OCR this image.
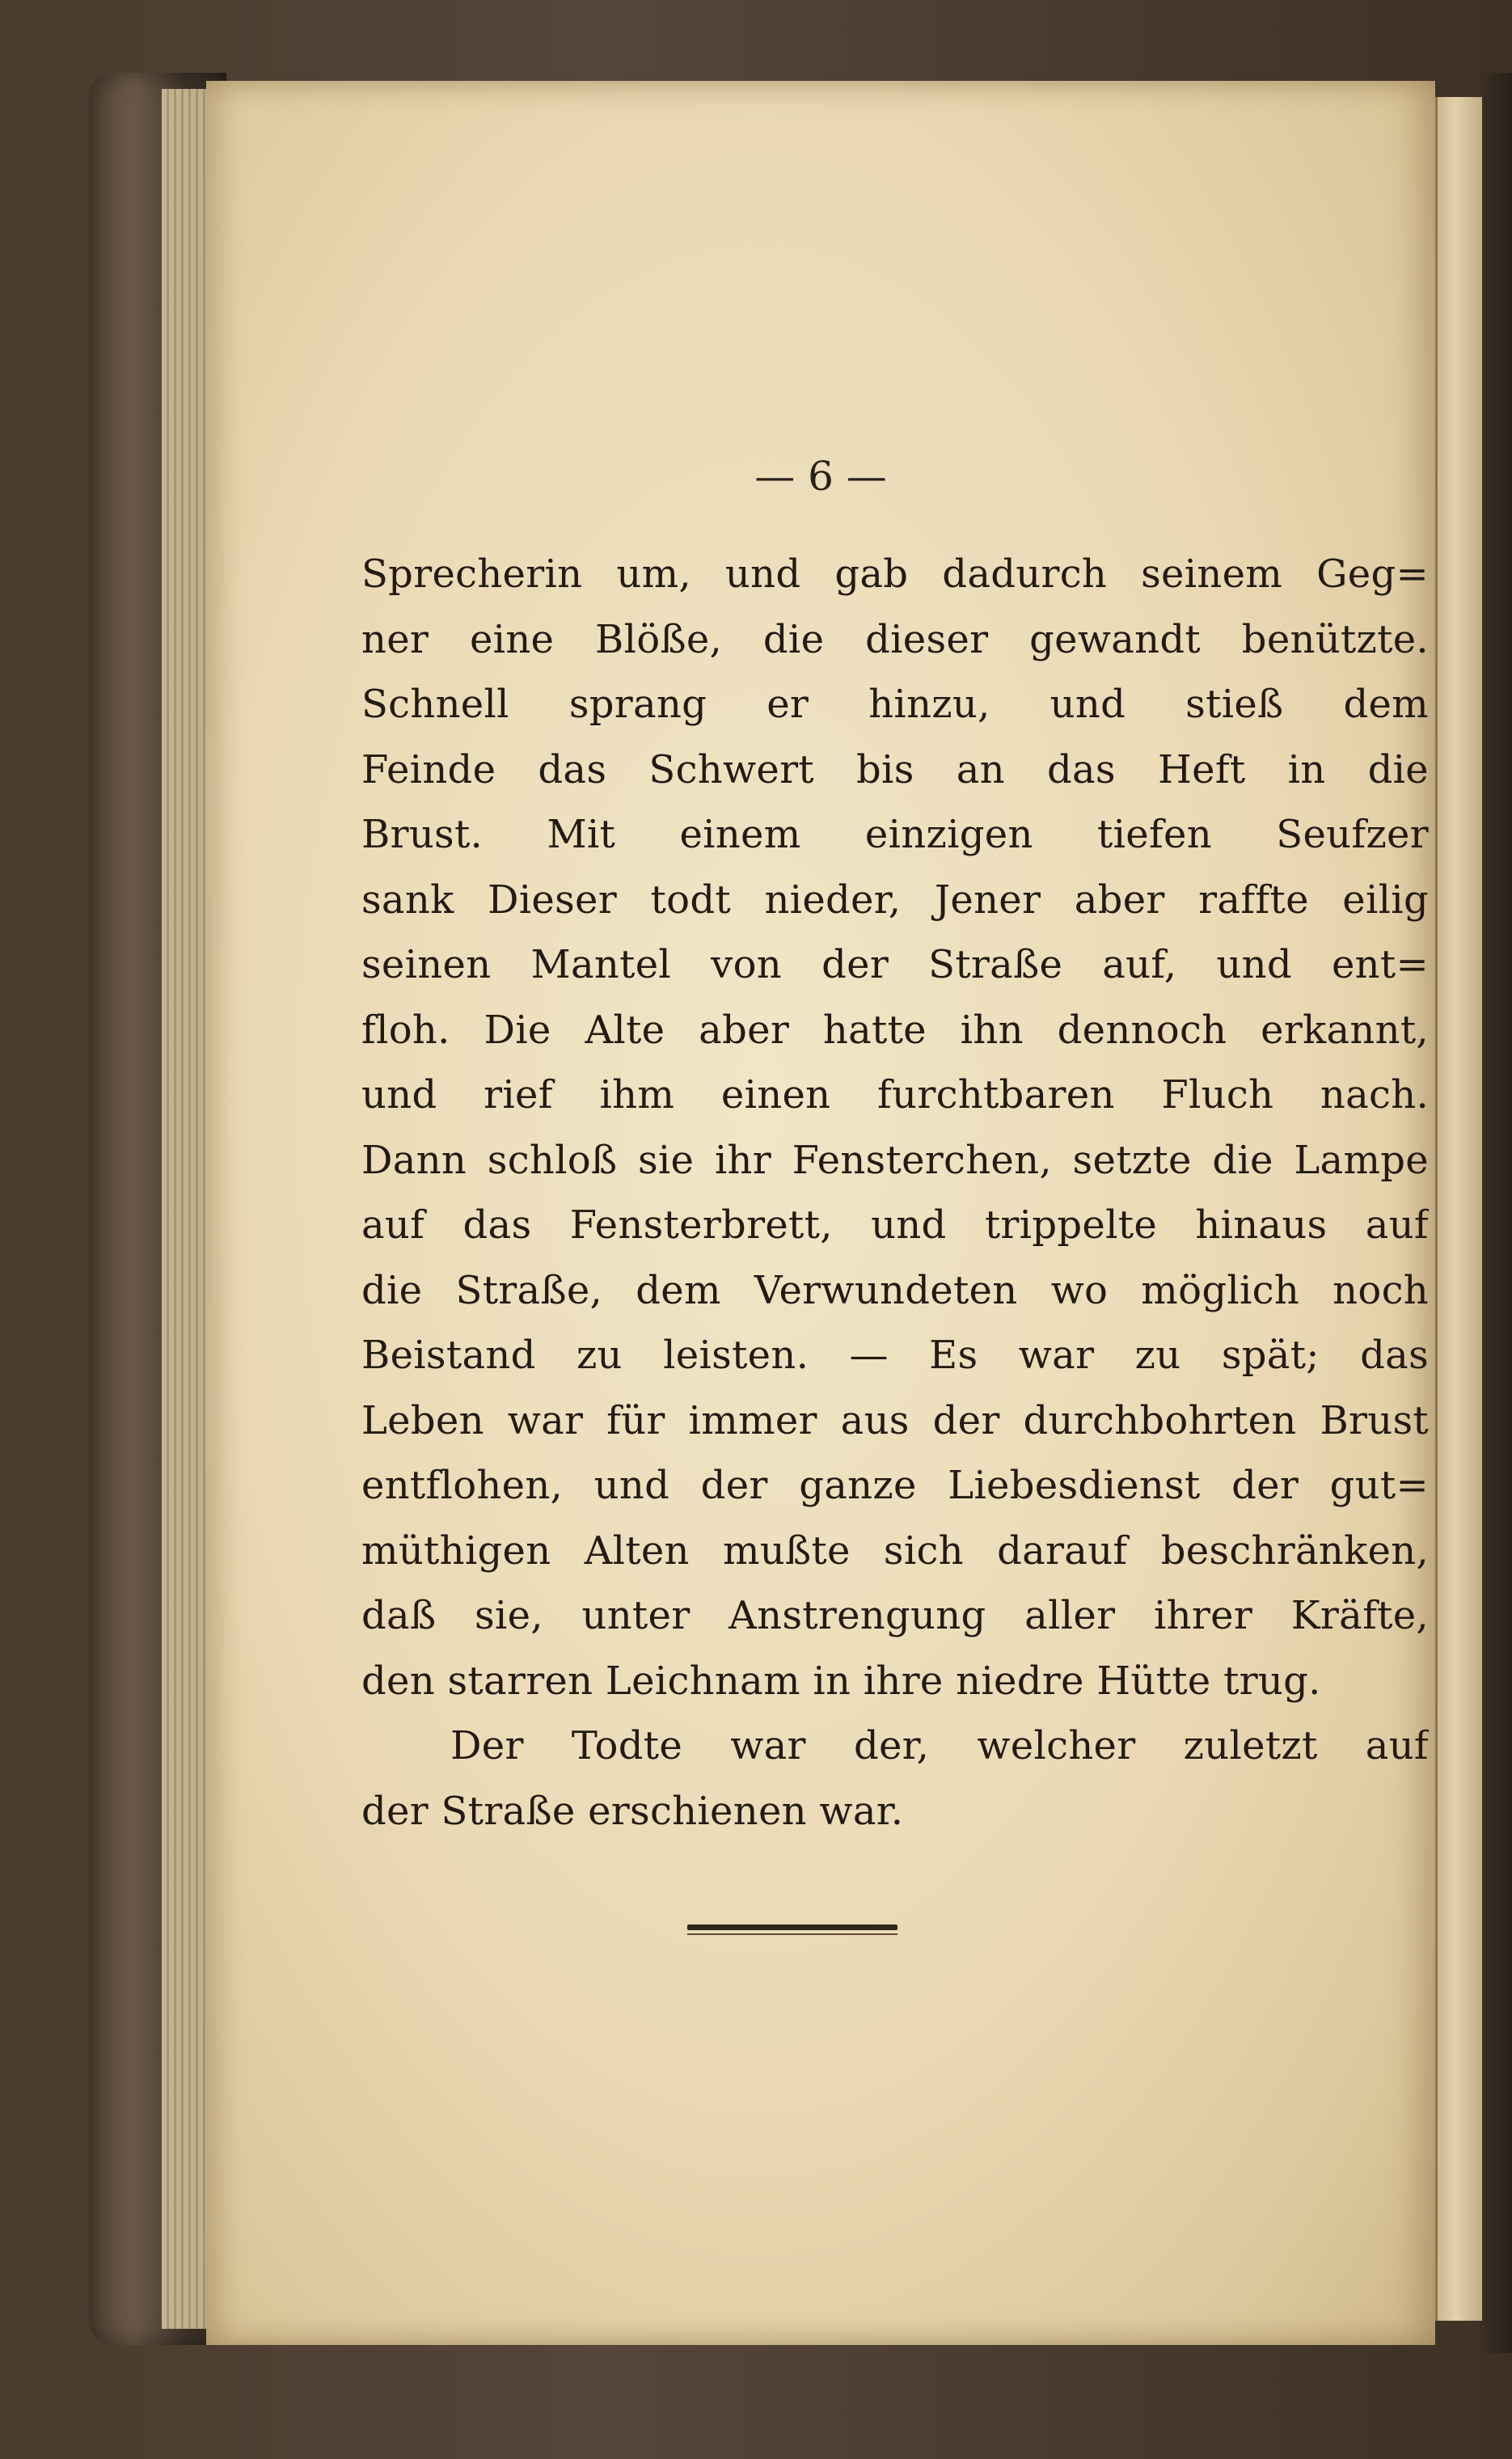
— 6 —
Sprecherin um, und gab dadurch seinem Geg=
ner eine Blöße, die dieser gewandt benützte.
Schnell sprang er hinzu, und stieß dem
Feinde das Schwert bis an das Heft in die
Brust. Mit einem einzigen tiefen Seufzer
sank Dieser todt nieder, Jener aber raffte eilig
seinen Mantel von der Straße auf, und ent=
floh. Die Alte aber hatte ihn dennoch erkannt,
und rief ihm einen furchtbaren Fluch nach.
Dann schloß sie ihr Fensterchen, setzte die Lampe
auf das Fensterbrett, und trippelte hinaus auf
die Straße, dem Verwundeten wo möglich noch
Beistand zu leisten. — Es war zu spät; das
Leben war für immer aus der durchbohrten Brust
entflohen, und der ganze Liebesdienst der gut=
müthigen Alten mußte sich darauf beschränken,
daß sie, unter Anstrengung aller ihrer Kräfte,
den starren Leichnam in ihre niedre Hütte trug.
Der Todte war der, welcher zuletzt auf
der Straße erschienen war.
